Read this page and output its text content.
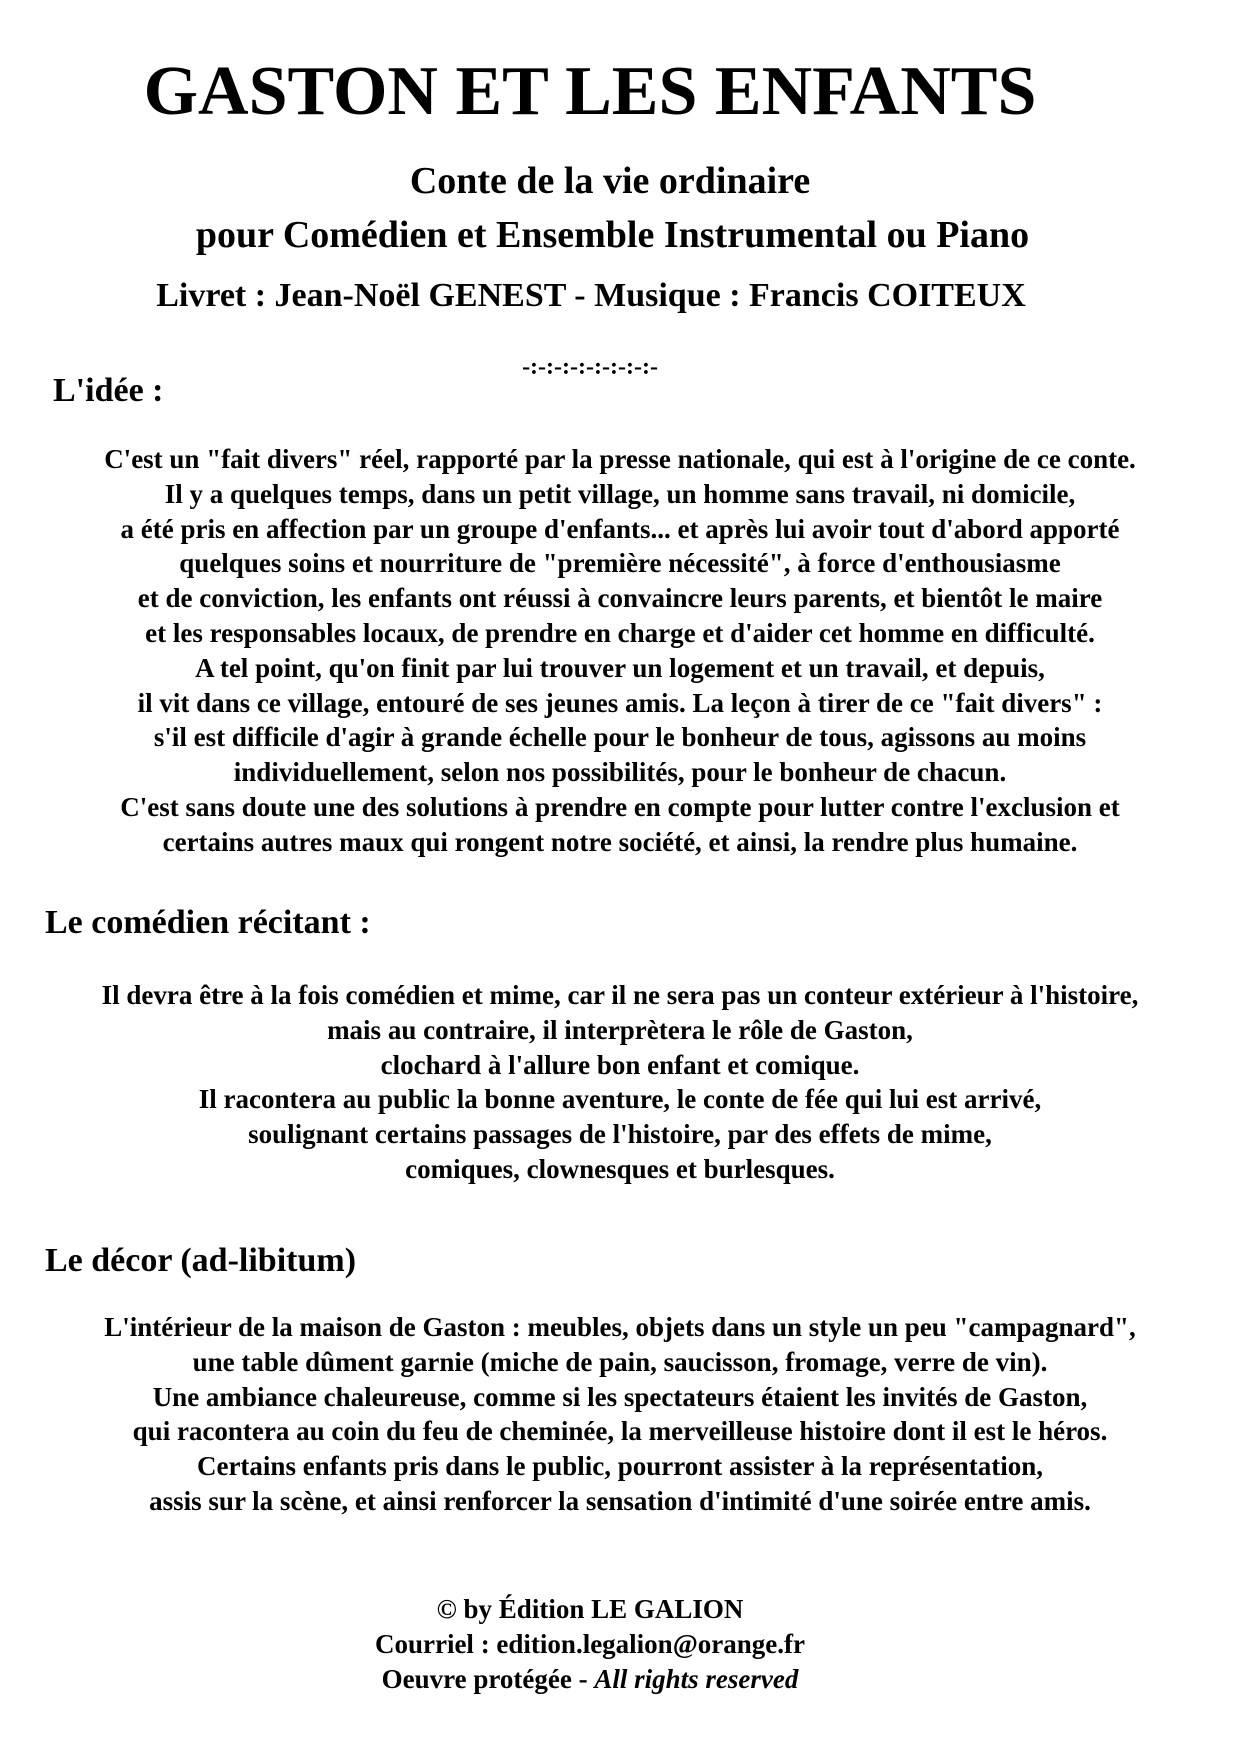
GASTON ET LES ENFANTS
Conte de la vie ordinaire
pour Comédien et Ensemble Instrumental ou Piano
Livret : Jean-Noël GENEST - Musique : Francis COITEUX
-:-:-:-:-:-:-:-:-
L'idée :
C'est un "fait divers" réel, rapporté par la presse nationale, qui est à l'origine de ce conte.
Il y a quelques temps, dans un petit village, un homme sans travail, ni domicile,
a été pris en affection par un groupe d'enfants... et après lui avoir tout d'abord apporté
quelques soins et nourriture de "première nécessité", à force d'enthousiasme
et de conviction, les enfants ont réussi à convaincre leurs parents, et bientôt le maire
et les responsables locaux, de prendre en charge et d'aider cet homme en difficulté.
A tel point, qu'on finit par lui trouver un logement et un travail, et depuis,
il vit dans ce village, entouré de ses jeunes amis. La leçon à tirer de ce "fait divers" :
s'il est difficile d'agir à grande échelle pour le bonheur de tous, agissons au moins
individuellement, selon nos possibilités, pour le bonheur de chacun.
C'est sans doute une des solutions à prendre en compte pour lutter contre l'exclusion et
certains autres maux qui rongent notre société, et ainsi, la rendre plus humaine.
Le comédien récitant :
Il devra être à la fois comédien et mime, car il ne sera pas un conteur extérieur à l'histoire,
mais au contraire, il interprètera le rôle de Gaston,
clochard à l'allure bon enfant et comique.
Il racontera au public la bonne aventure, le conte de fée qui lui est arrivé,
soulignant certains passages de l'histoire, par des effets de mime,
comiques, clownesques et burlesques.
Le décor (ad-libitum)
L'intérieur de la maison de Gaston : meubles, objets dans un style un peu "campagnard",
une table dûment garnie (miche de pain, saucisson, fromage, verre de vin).
Une ambiance chaleureuse, comme si les spectateurs étaient les invités de Gaston,
qui racontera au coin du feu de cheminée, la merveilleuse histoire dont il est le héros.
Certains enfants pris dans le public, pourront assister à la représentation,
assis sur la scène, et ainsi renforcer la sensation d'intimité d'une soirée entre amis.
© by Édition LE GALION
Courriel : edition.legalion@orange.fr
Oeuvre protégée - All rights reserved
